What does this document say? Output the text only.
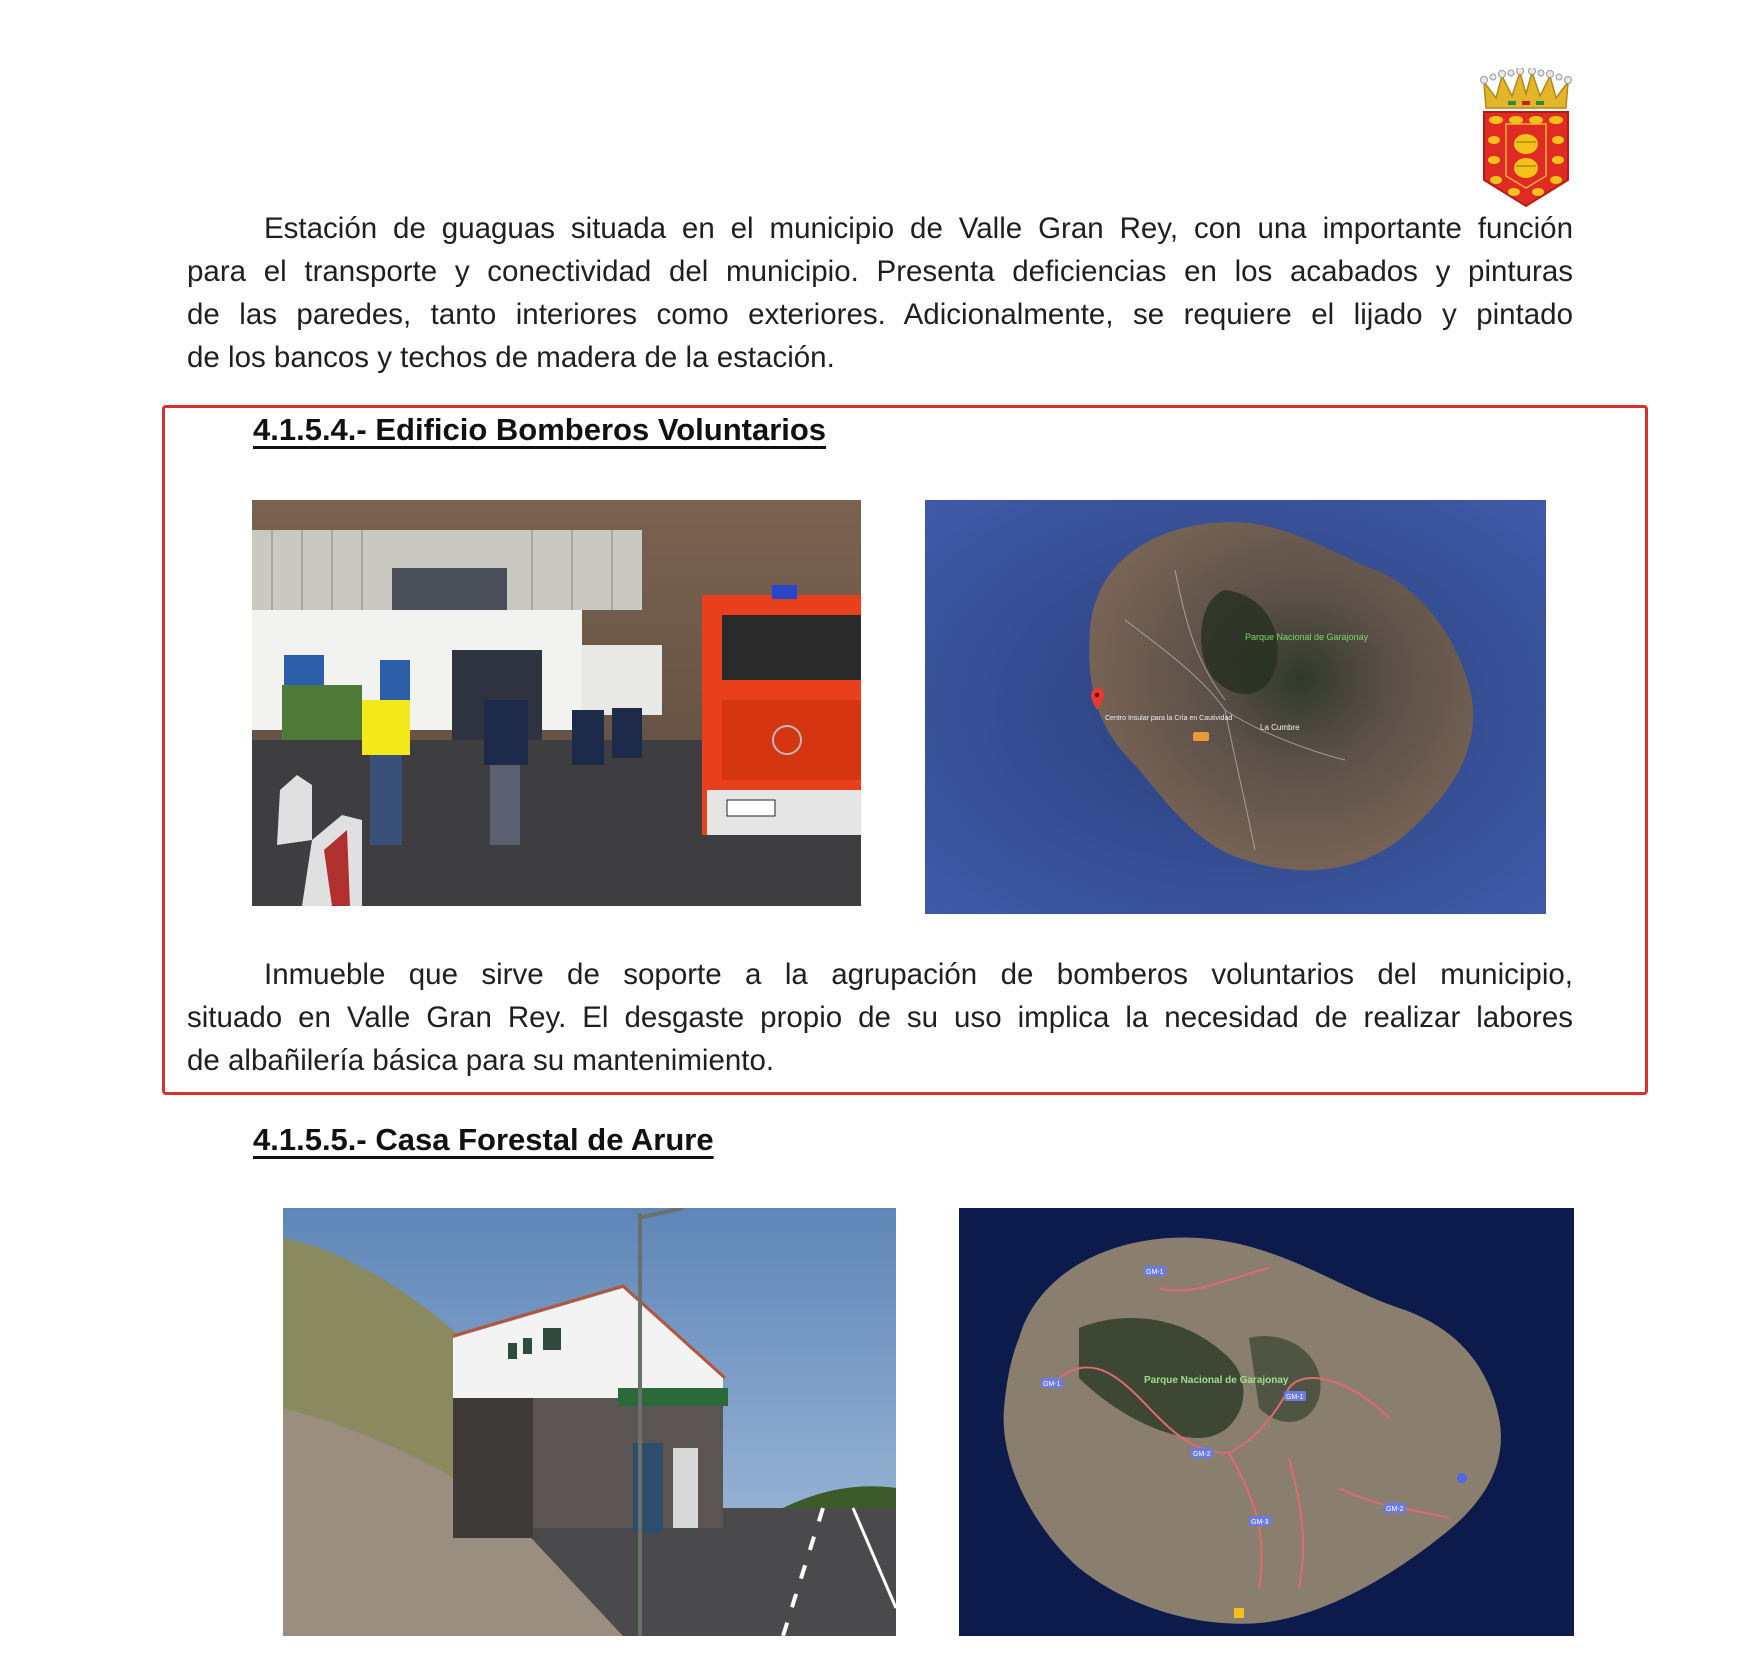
Estación de guaguas situada en el municipio de Valle Gran Rey, con una importante función
para el transporte y conectividad del municipio. Presenta deficiencias en los acabados y pinturas
de las paredes, tanto interiores como exteriores. Adicionalmente, se requiere el lijado y pintado
de los bancos y techos de madera de la estación.
4.1.5.4.- Edificio Bomberos Voluntarios
Parque Nacional de Garajonay
La Cumbre
Centro Insular para la Cría en Cautividad
Inmueble que sirve de soporte a la agrupación de bomberos voluntarios del municipio,
situado en Valle Gran Rey. El desgaste propio de su uso implica la necesidad de realizar labores
de albañilería básica para su mantenimiento.
4.1.5.5.- Casa Forestal de Arure
Parque Nacional de Garajonay
GM-1
GM-2
GM-1
GM-3
GM-2
GM-1
